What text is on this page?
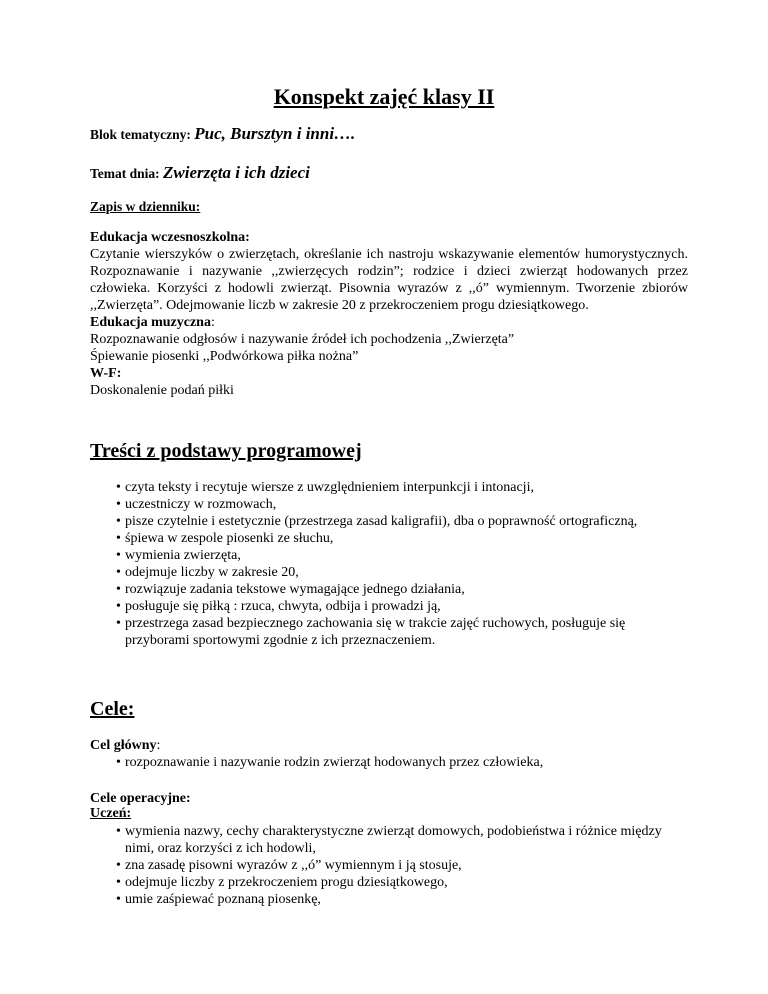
Konspekt zajęć klasy II
Blok tematyczny: Puc, Bursztyn i inni….
Temat dnia: Zwierzęta i ich dzieci
Zapis w dzienniku:
Edukacja wczesnoszkolna:
Czytanie wierszyków o zwierzętach, określanie ich nastroju wskazywanie elementów humorystycznych. Rozpoznawanie i nazywanie ,,zwierzęcych rodzin”; rodzice i dzieci zwierząt hodowanych przez człowieka. Korzyści z hodowli zwierząt. Pisownia wyrazów z ,,ó” wymiennym. Tworzenie zbiorów ,,Zwierzęta”. Odejmowanie liczb w zakresie 20 z przekroczeniem progu dziesiątkowego.
Edukacja muzyczna:
Rozpoznawanie odgłosów i nazywanie źródeł ich pochodzenia ,,Zwierzęta”
Śpiewanie piosenki ,,Podwórkowa piłka nożna”
W-F:
Doskonalenie podań piłki
Treści z podstawy programowej
• czyta teksty i recytuje wiersze z uwzględnieniem interpunkcji i intonacji,
• uczestniczy w rozmowach,
• pisze czytelnie i estetycznie (przestrzega zasad kaligrafii), dba o poprawność ortograficzną,
• śpiewa w zespole piosenki ze słuchu,
• wymienia zwierzęta,
• odejmuje liczby w zakresie 20,
• rozwiązuje zadania tekstowe wymagające jednego działania,
• posługuje się piłką : rzuca, chwyta, odbija i prowadzi ją,
• przestrzega zasad bezpiecznego zachowania się w trakcie zajęć ruchowych, posługuje się przyborami sportowymi zgodnie z ich przeznaczeniem.
Cele:
Cel główny:
• rozpoznawanie i nazywanie rodzin zwierząt hodowanych przez człowieka,
Cele operacyjne:
Uczeń:
• wymienia nazwy, cechy charakterystyczne zwierząt domowych, podobieństwa i różnice między nimi, oraz korzyści z ich hodowli,
• zna zasadę pisowni wyrazów z ,,ó” wymiennym i ją stosuje,
• odejmuje liczby z przekroczeniem progu dziesiątkowego,
• umie zaśpiewać poznaną piosenkę,
